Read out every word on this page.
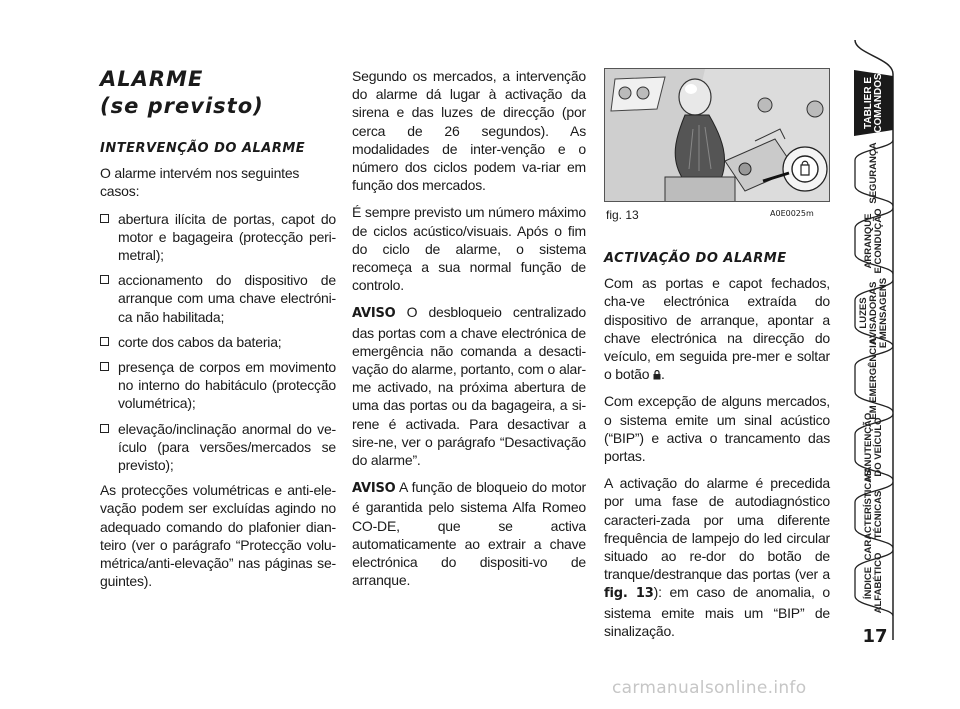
ALARME
(se previsto)
INTERVENÇÃO DO ALARME

O alarme intervém nos seguintes casos:

abertura ilícita de portas, capot do motor e bagageira (protecção peri-metral);
accionamento do dispositivo de arranque com uma chave electróni-ca não habilitada;
corte dos cabos da bateria;
presença de corpos em movimento no interno do habitáculo (protecção volumétrica);
elevação/inclinação anormal do ve-ículo (para versões/mercados se previsto);

As protecções volumétricas e anti-ele-vação podem ser excluídas agindo no adequado comando do plafonier dian-teiro (ver o parágrafo “Protecção volu-métrica/anti-elevação” nas páginas se-guintes).

Segundo os mercados, a intervenção do alarme dá lugar à activação da sirena e das luzes de direcção (por cerca de 26 segundos). As modalidades de inter-venção e o número dos ciclos podem va-riar em função dos mercados.

É sempre previsto um número máximo de ciclos acústico/visuais. Após o fim do ciclo de alarme, o sistema recomeça a sua normal função de controlo.

AVISO O desbloqueio centralizado das portas com a chave electrónica de emergência não comanda a desacti-vação do alarme, portanto, com o alar-me activado, na próxima abertura de uma das portas ou da bagageira, a si-rene é activada. Para desactivar a sire-ne, ver o parágrafo “Desactivação do alarme”.

AVISO A função de bloqueio do motor é garantida pelo sistema Alfa Romeo CO-DE, que se activa automaticamente ao extrair a chave electrónica do dispositi-vo de arranque.

fig. 13	A0E0025m
ACTIVAÇÃO DO ALARME

Com as portas e capot fechados, cha-ve electrónica extraída do dispositivo de arranque, apontar a chave electrónica na direcção do veículo, em seguida pre-mer e soltar o botão .

Com excepção de alguns mercados, o sistema emite um sinal acústico (“BIP”) e activa o trancamento das portas.

A activação do alarme é precedida por uma fase de autodiagnóstico caracteri-zada por uma diferente frequência de lampejo do led circular situado ao re-dor do botão de tranque/destranque das portas (ver a fig. 13): em caso de anomalia, o sistema emite mais um “BIP” de sinalização.

TABLIER E
COMANDOS
SEGURANÇA
ARRANQUE
E CONDUÇÃO
LUZES
AVISADORAS
E MENSAGENS
EM EMERGÊNCIA
MANUTENÇÃO
DO VEÍCULO
CARACTERÍSTICAS
TÉCNICAS
ÍNDICE
ALFABÉTICO
17
carmanualsonline.info
